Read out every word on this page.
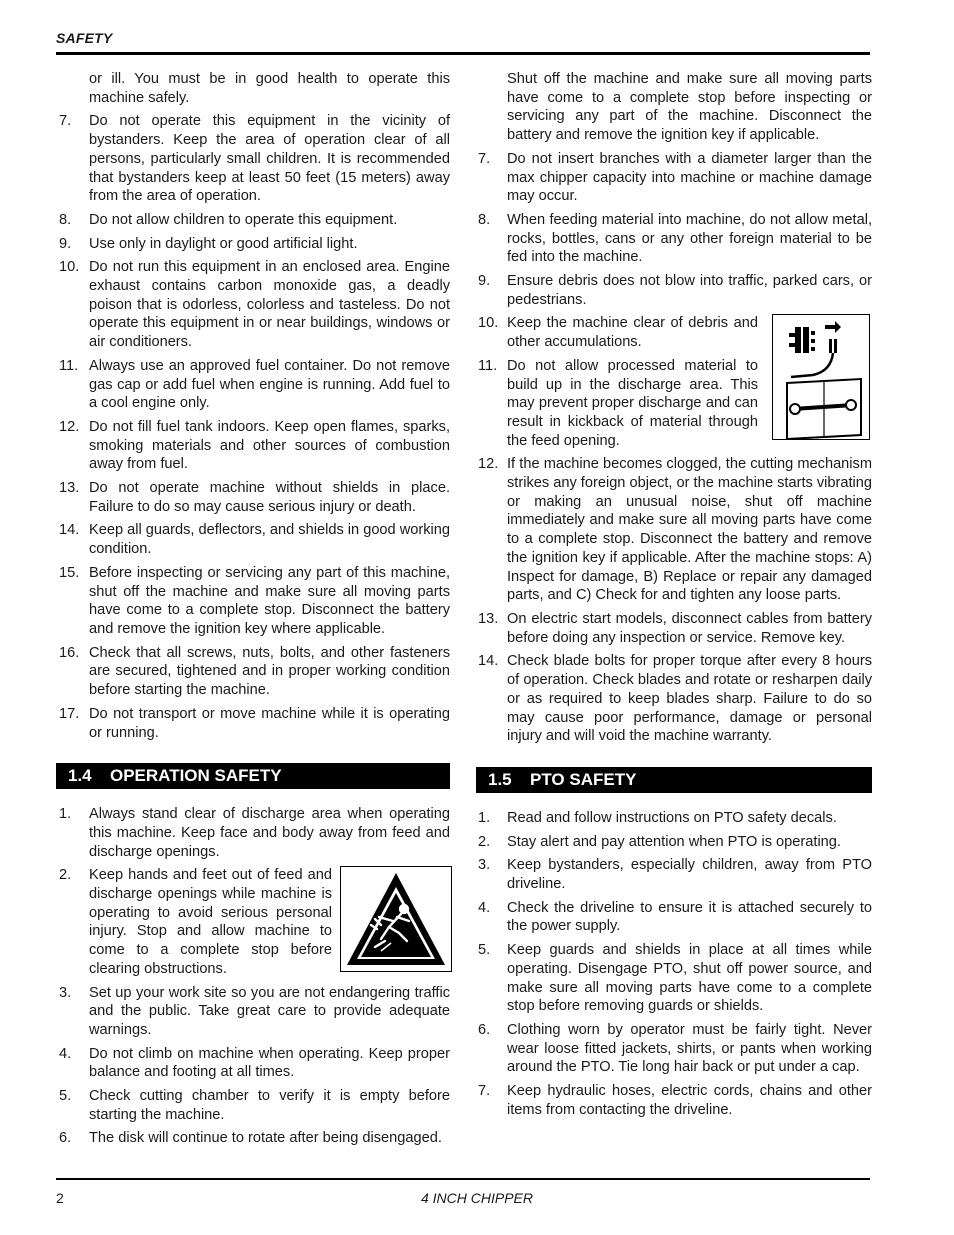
SAFETY
or ill. You must be in good health to operate this machine safely.
7. Do not operate this equipment in the vicinity of bystanders. Keep the area of operation clear of all persons, particularly small children. It is recommended that bystanders keep at least 50 feet (15 meters) away from the area of operation.
8. Do not allow children to operate this equipment.
9. Use only in daylight or good artificial light.
10. Do not run this equipment in an enclosed area. Engine exhaust contains carbon monoxide gas, a deadly poison that is odorless, colorless and tasteless. Do not operate this equipment in or near buildings, windows or air conditioners.
11. Always use an approved fuel container. Do not remove gas cap or add fuel when engine is running. Add fuel to a cool engine only.
12. Do not fill fuel tank indoors. Keep open flames, sparks, smoking materials and other sources of combustion away from fuel.
13. Do not operate machine without shields in place. Failure to do so may cause serious injury or death.
14. Keep all guards, deflectors, and shields in good working condition.
15. Before inspecting or servicing any part of this machine, shut off the machine and make sure all moving parts have come to a complete stop. Disconnect the battery and remove the ignition key where applicable.
16. Check that all screws, nuts, bolts, and other fasteners are secured, tightened and in proper working condition before starting the machine.
17. Do not transport or move machine while it is operating or running.
1.4 OPERATION SAFETY
1. Always stand clear of discharge area when operating this machine. Keep face and body away from feed and discharge openings.
2. Keep hands and feet out of feed and discharge openings while machine is operating to avoid serious personal injury. Stop and allow machine to come to a complete stop before clearing obstructions.
3. Set up your work site so you are not endangering traffic and the public. Take great care to provide adequate warnings.
4. Do not climb on machine when operating. Keep proper balance and footing at all times.
5. Check cutting chamber to verify it is empty before starting the machine.
6. The disk will continue to rotate after being disengaged.
Shut off the machine and make sure all moving parts have come to a complete stop before inspecting or servicing any part of the machine. Disconnect the battery and remove the ignition key if applicable.
7. Do not insert branches with a diameter larger than the max chipper capacity into machine or machine damage may occur.
8. When feeding material into machine, do not allow metal, rocks, bottles, cans or any other foreign material to be fed into the machine.
9. Ensure debris does not blow into traffic, parked cars, or pedestrians.
10. Keep the machine clear of debris and other accumulations.
11. Do not allow processed material to build up in the discharge area. This may prevent proper discharge and can result in kickback of material through the feed opening.
12. If the machine becomes clogged, the cutting mechanism strikes any foreign object, or the machine starts vibrating or making an unusual noise, shut off machine immediately and make sure all moving parts have come to a complete stop. Disconnect the battery and remove the ignition key if applicable. After the machine stops: A) Inspect for damage, B) Replace or repair any damaged parts, and C) Check for and tighten any loose parts.
13. On electric start models, disconnect cables from battery before doing any inspection or service. Remove key.
14. Check blade bolts for proper torque after every 8 hours of operation. Check blades and rotate or resharpen daily or as required to keep blades sharp. Failure to do so may cause poor performance, damage or personal injury and will void the machine warranty.
1.5 PTO SAFETY
1. Read and follow instructions on PTO safety decals.
2. Stay alert and pay attention when PTO is operating.
3. Keep bystanders, especially children, away from PTO driveline.
4. Check the driveline to ensure it is attached securely to the power supply.
5. Keep guards and shields in place at all times while operating. Disengage PTO, shut off power source, and make sure all moving parts have come to a complete stop before removing guards or shields.
6. Clothing worn by operator must be fairly tight. Never wear loose fitted jackets, shirts, or pants when working around the PTO. Tie long hair back or put under a cap.
7. Keep hydraulic hoses, electric cords, chains and other items from contacting the driveline.
2	4 INCH CHIPPER
